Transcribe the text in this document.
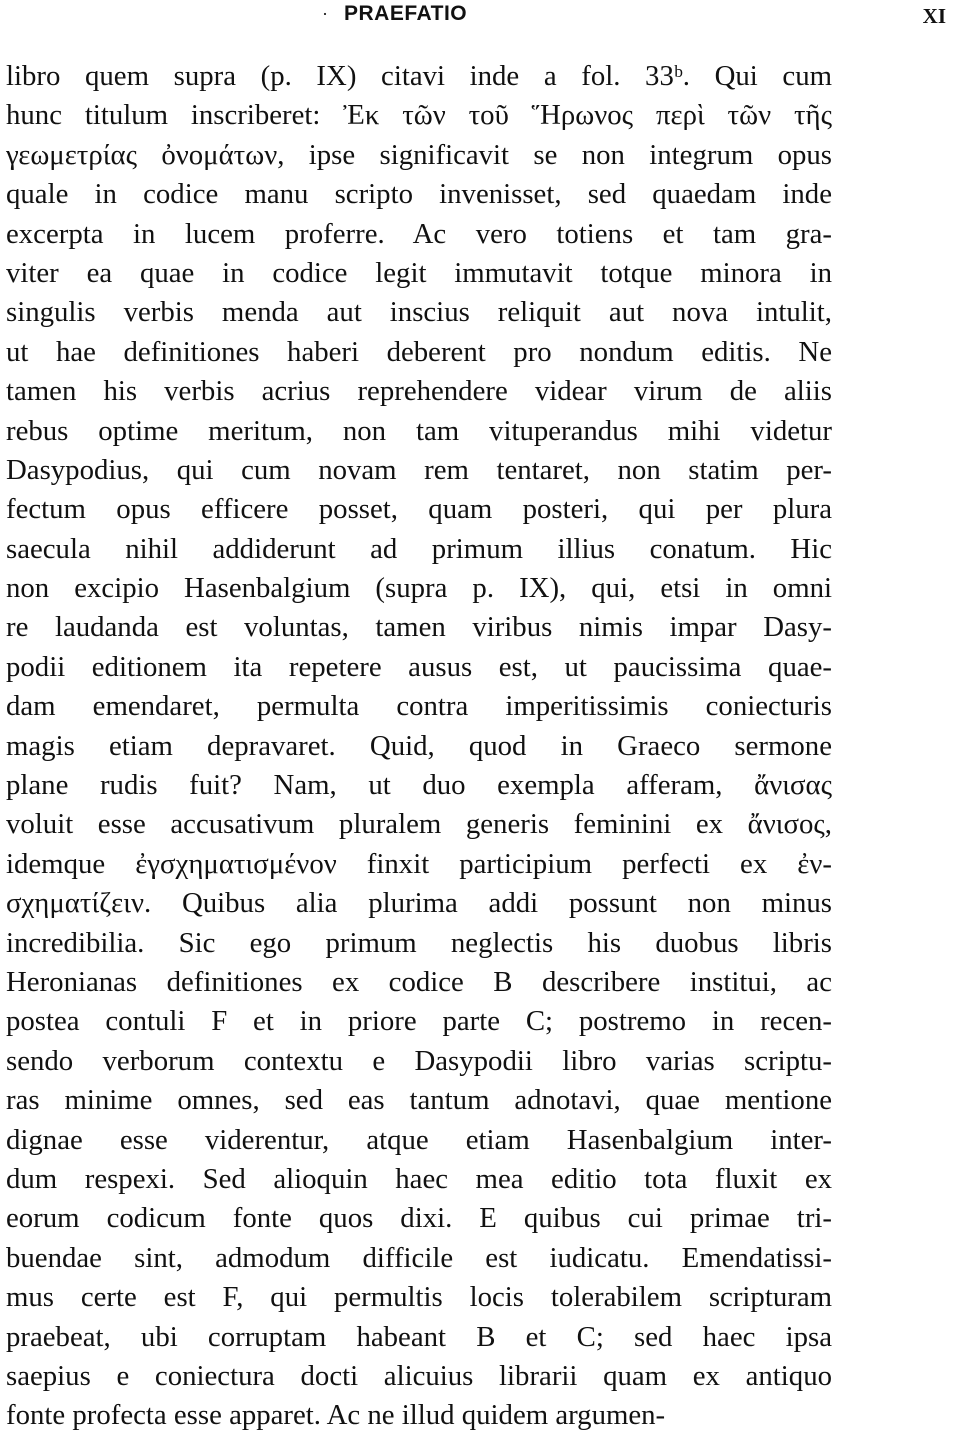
· PRAEFATIO	XI
libro quem supra (p. IX) citavi inde a fol. 33ᵇ. Qui cum
hunc titulum inscriberet: Ἐκ τῶν τοῦ Ἥρωνος περὶ τῶν τῆς
γεωμετρίας ὀνομάτων, ipse significavit se non integrum opus
quale in codice manu scripto invenisset, sed quaedam inde
excerpta in lucem proferre. Ac vero totiens et tam gra-
viter ea quae in codice legit immutavit totque minora in
singulis verbis menda aut inscius reliquit aut nova intulit,
ut hae definitiones haberi deberent pro nondum editis. Ne
tamen his verbis acrius reprehendere videar virum de aliis
rebus optime meritum, non tam vituperandus mihi videtur
Dasypodius, qui cum novam rem tentaret, non statim per-
fectum opus efficere posset, quam posteri, qui per plura
saecula nihil addiderunt ad primum illius conatum. Hic
non excipio Hasenbalgium (supra p. IX), qui, etsi in omni
re laudanda est voluntas, tamen viribus nimis impar Dasy-
podii editionem ita repetere ausus est, ut paucissima quae-
dam emendaret, permulta contra imperitissimis coniecturis
magis etiam depravaret. Quid, quod in Graeco sermone
plane rudis fuit? Nam, ut duo exempla afferam, ἄνισας
voluit esse accusativum pluralem generis feminini ex ἄνισος,
idemque ἐγσχηματισμένον finxit participium perfecti ex ἐν-
σχηματίζειν. Quibus alia plurima addi possunt non minus
incredibilia. Sic ego primum neglectis his duobus libris
Heronianas definitiones ex codice B describere institui, ac
postea contuli F et in priore parte C; postremo in recen-
sendo verborum contextu e Dasypodii libro varias scriptu-
ras minime omnes, sed eas tantum adnotavi, quae mentione
dignae esse viderentur, atque etiam Hasenbalgium inter-
dum respexi. Sed alioquin haec mea editio tota fluxit ex
eorum codicum fonte quos dixi. E quibus cui primae tri-
buendae sint, admodum difficile est iudicatu. Emendatissi-
mus certe est F, qui permultis locis tolerabilem scripturam
praebeat, ubi corruptam habeant B et C; sed haec ipsa
saepius e coniectura docti alicuius librarii quam ex antiquo
fonte profecta esse apparet. Ac ne illud quidem argumen-
